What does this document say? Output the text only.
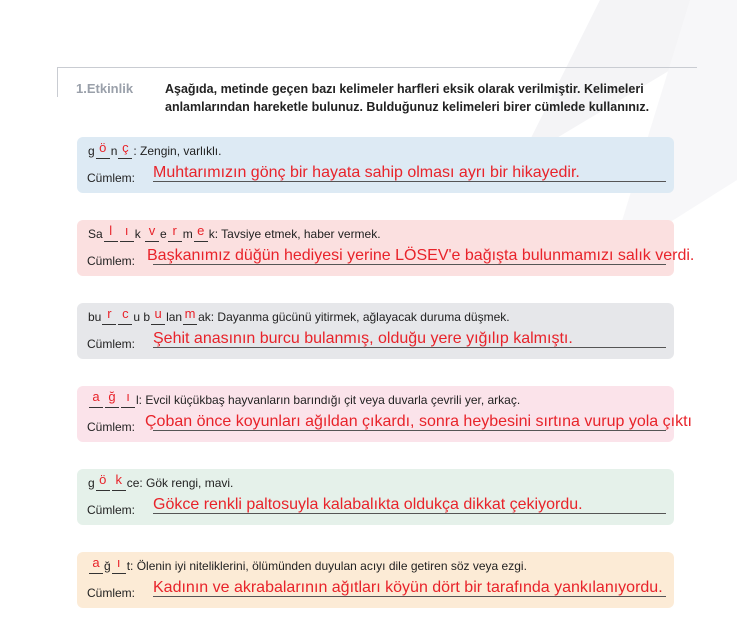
1.Etkinlik	Aşağıda, metinde geçen bazı kelimeler harfleri eksik olarak verilmiştir. Kelimeleri anlamlarından hareketle bulunuz. Bulduğunuz kelimeleri birer cümlede kullanınız.
g ö n ç : Zengin, varlıklı.
Cümlem: Muhtarımızın gönç bir hayata sahip olması ayrı bir hikayedir.
Sa l ı k v e r m e k: Tavsiye etmek, haber vermek.
Cümlem: Başkanımız düğün hediyesi yerine LÖSEV'e bağışta bulunmamızı salık verdi.
bu r c u b u lan m ak: Dayanma gücünü yitirmek, ağlayacak duruma düşmek.
Cümlem: Şehit anasının burcu bulanmış, olduğu yere yığılıp kalmıştı.
a ğ ı l: Evcil küçükbaş hayvanların barındığı çit veya duvarla çevrili yer, arkaç.
Cümlem: Çoban önce koyunları ağıldan çıkardı, sonra heybesini sırtına vurup yola çıktı
g ö k ce: Gök rengi, mavi.
Cümlem: Gökce renkli paltosuyla kalabalıkta oldukça dikkat çekiyordu.
a ğ ı t: Ölenin iyi niteliklerini, ölümünden duyulan acıyı dile getiren söz veya ezgi.
Cümlem: Kadının ve akrabalarının ağıtları köyün dört bir tarafında yankılanıyordu.
